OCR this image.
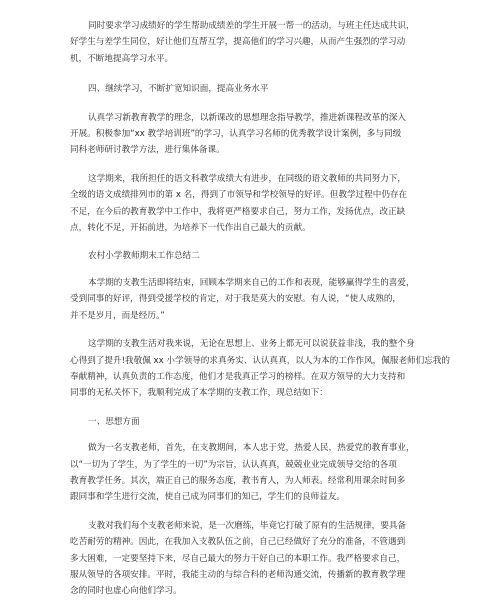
同时要求学习成绩好的学生帮助成绩差的学生开展一帮一的活动，与班主任达成共识，
好学生与差学生同位，好让他们互帮互学，提高他们的学习兴趣，从而产生强烈的学习动
机，不断地提高学习水平。
四、继续学习，不断扩宽知识面，提高业务水平
认真学习新教育教学的理念，以新课改的思想理念指导教学，推进新课程改革的深入
开展。积极参加“xx 教学培训班”的学习，认真学习名师的优秀教学设计案例，多与同级
同科老师研讨教学方法，进行集体备课。
这学期来，我所担任的语文科教学成绩大有进步，在同级的语文教师的共同努力下，
全级的语文成绩排列市的第 x 名，得到了市领导和学校领导的好评。但教学过程中仍存在
不足，在今后的教育教学中工作中，我将更严格要求自己，努力工作，发扬优点，改正缺
点，转化不足，开拓前进，为培养下一代作出自己最大的贡献。
农村小学教师期末工作总结二
本学期的支教生活即将结束，回顾本学期来自己的工作和表现，能够赢得学生的喜爱，
受到同事的好评，得到受援学校的肯定，对于我是莫大的安慰。有人说，“使人成熟的，
并不是岁月，而是经历。”
这学期的支教生活对我来说，无论在思想上、业务上都无可以说获益非浅，我的整个身
心得到了提升!我敬佩 xx 小学领导的求真务实、认认真真，以人为本的工作作风，佩服老师们忘我的
奉献精神，认真负责的工作态度，他们才是我真正学习的榜样。在双方领导的大力支持和
同事的无私关怀下，我顺利完成了本学期的支教工作，现总结如下：
一、思想方面
做为一名支教老师，首先，在支教期间，本人忠于党，热爱人民，热爱党的教育事业，
以“一切为了学生，为了学生的一切”为宗旨，认认真真，兢兢业业完成领导交给的各项
教育教学任务。其次，端正自己的服务态度，教书育人，为人师表。经常利用课余时间多
跟同事和学生进行交流，使自己成为同事们的知己，学生们的良师益友。
支教对我们每个支教老师来说，是一次磨练，毕竟它打破了原有的生活规律，要具备
吃苦耐劳的精神。因此，在我加入支教队伍之前，自己已经做好了充分的准备，不管遇到
多大困难，一定要坚持下来，尽自己最大的努力干好自己的本职工作。我严格要求自己，
服从领导的各项安排。平时，我能主动的与综合科的老师沟通交流，传播新的教育教学理
念的同时也虚心向他们学习。
